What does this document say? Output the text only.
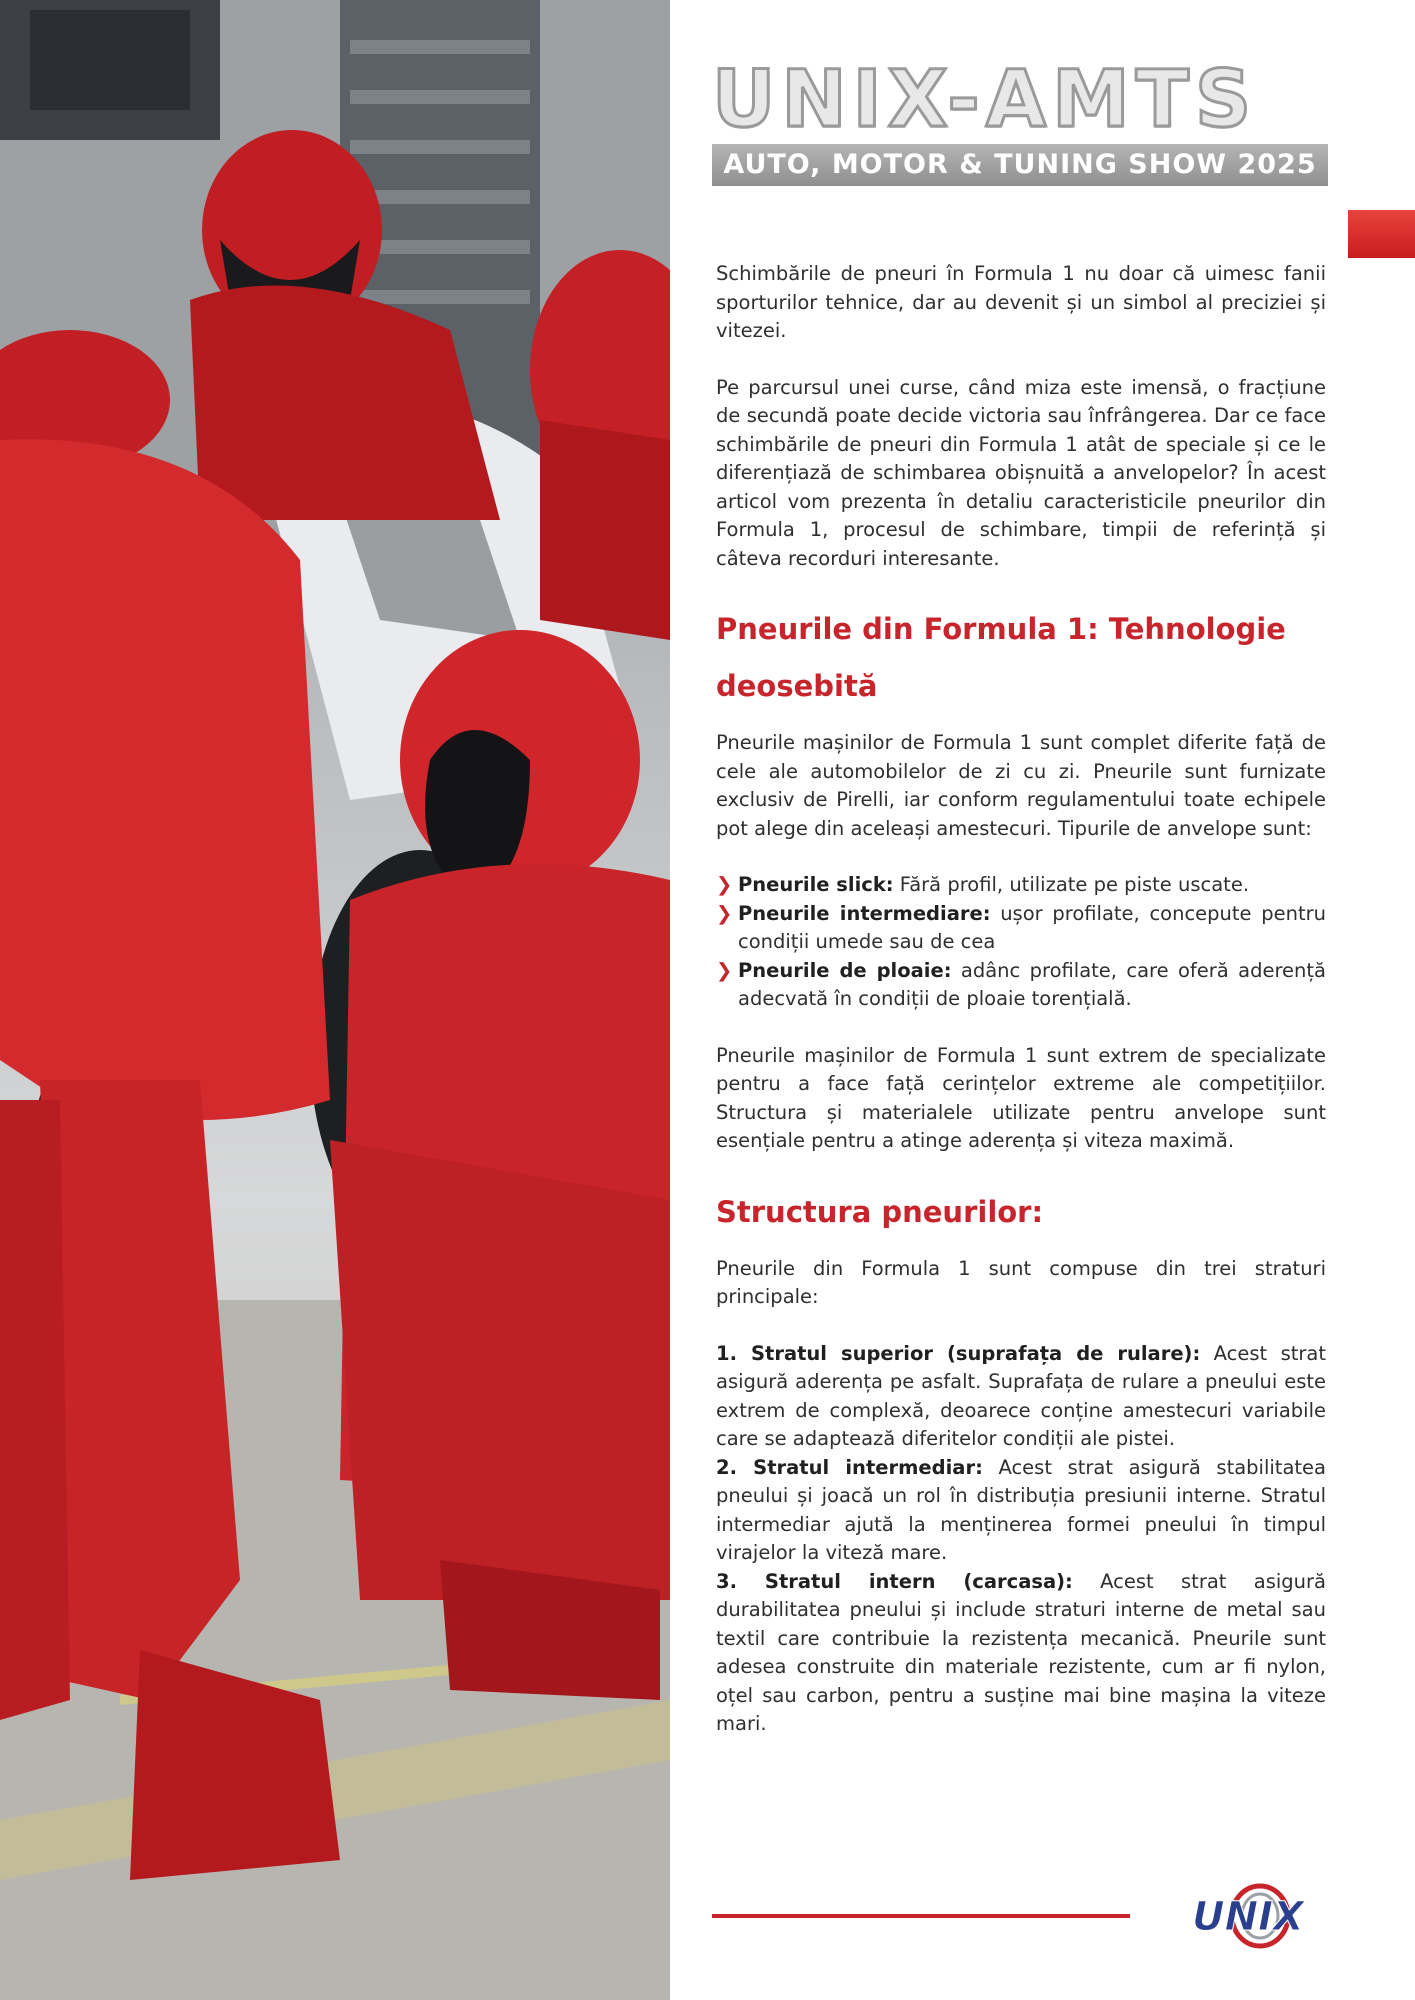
UNIX-AMTS
AUTO, MOTOR & TUNING SHOW 2025

Schimbările de pneuri în Formula 1 nu doar că uimesc fanii sporturilor tehnice, dar au devenit și un simbol al preciziei și vitezei.

Pe parcursul unei curse, când miza este imensă, o fracțiune de secundă poate decide victoria sau înfrângerea. Dar ce face schimbările de pneuri din Formula 1 atât de speciale și ce le diferențiază de schimbarea obișnuită a anvelopelor? În acest articol vom prezenta în detaliu caracteristicile pneurilor din Formula 1, procesul de schimbare, timpii de referință și câteva recorduri interesante.

Pneurile din Formula 1: Tehnologie deosebită

Pneurile mașinilor de Formula 1 sunt complet diferite față de cele ale automobilelor de zi cu zi. Pneurile sunt furnizate exclusiv de Pirelli, iar conform regulamentului toate echipele pot alege din aceleași amestecuri. Tipurile de anvelope sunt:

❯ Pneurile slick: Fără profil, utilizate pe piste uscate.
❯ Pneurile intermediare: ușor profilate, concepute pentru condiții umede sau de cea
❯ Pneurile de ploaie: adânc profilate, care oferă aderență adecvată în condiții de ploaie torențială.

Pneurile mașinilor de Formula 1 sunt extrem de specializate pentru a face față cerințelor extreme ale competițiilor. Structura și materialele utilizate pentru anvelope sunt esențiale pentru a atinge aderența și viteza maximă.

Structura pneurilor:

Pneurile din Formula 1 sunt compuse din trei straturi principale:

1. Stratul superior (suprafața de rulare): Acest strat asigură aderența pe asfalt. Suprafața de rulare a pneului este extrem de complexă, deoarece conține amestecuri variabile care se adaptează diferitelor condiții ale pistei.
2. Stratul intermediar: Acest strat asigură stabilitatea pneului și joacă un rol în distribuția presiunii interne. Stratul intermediar ajută la menținerea formei pneului în timpul virajelor la viteză mare.
3. Stratul intern (carcasa): Acest strat asigură durabilitatea pneului și include straturi interne de metal sau textil care contribuie la rezistența mecanică. Pneurile sunt adesea construite din materiale rezistente, cum ar fi nylon, oțel sau carbon, pentru a susține mai bine mașina la viteze mari.
UNIX
